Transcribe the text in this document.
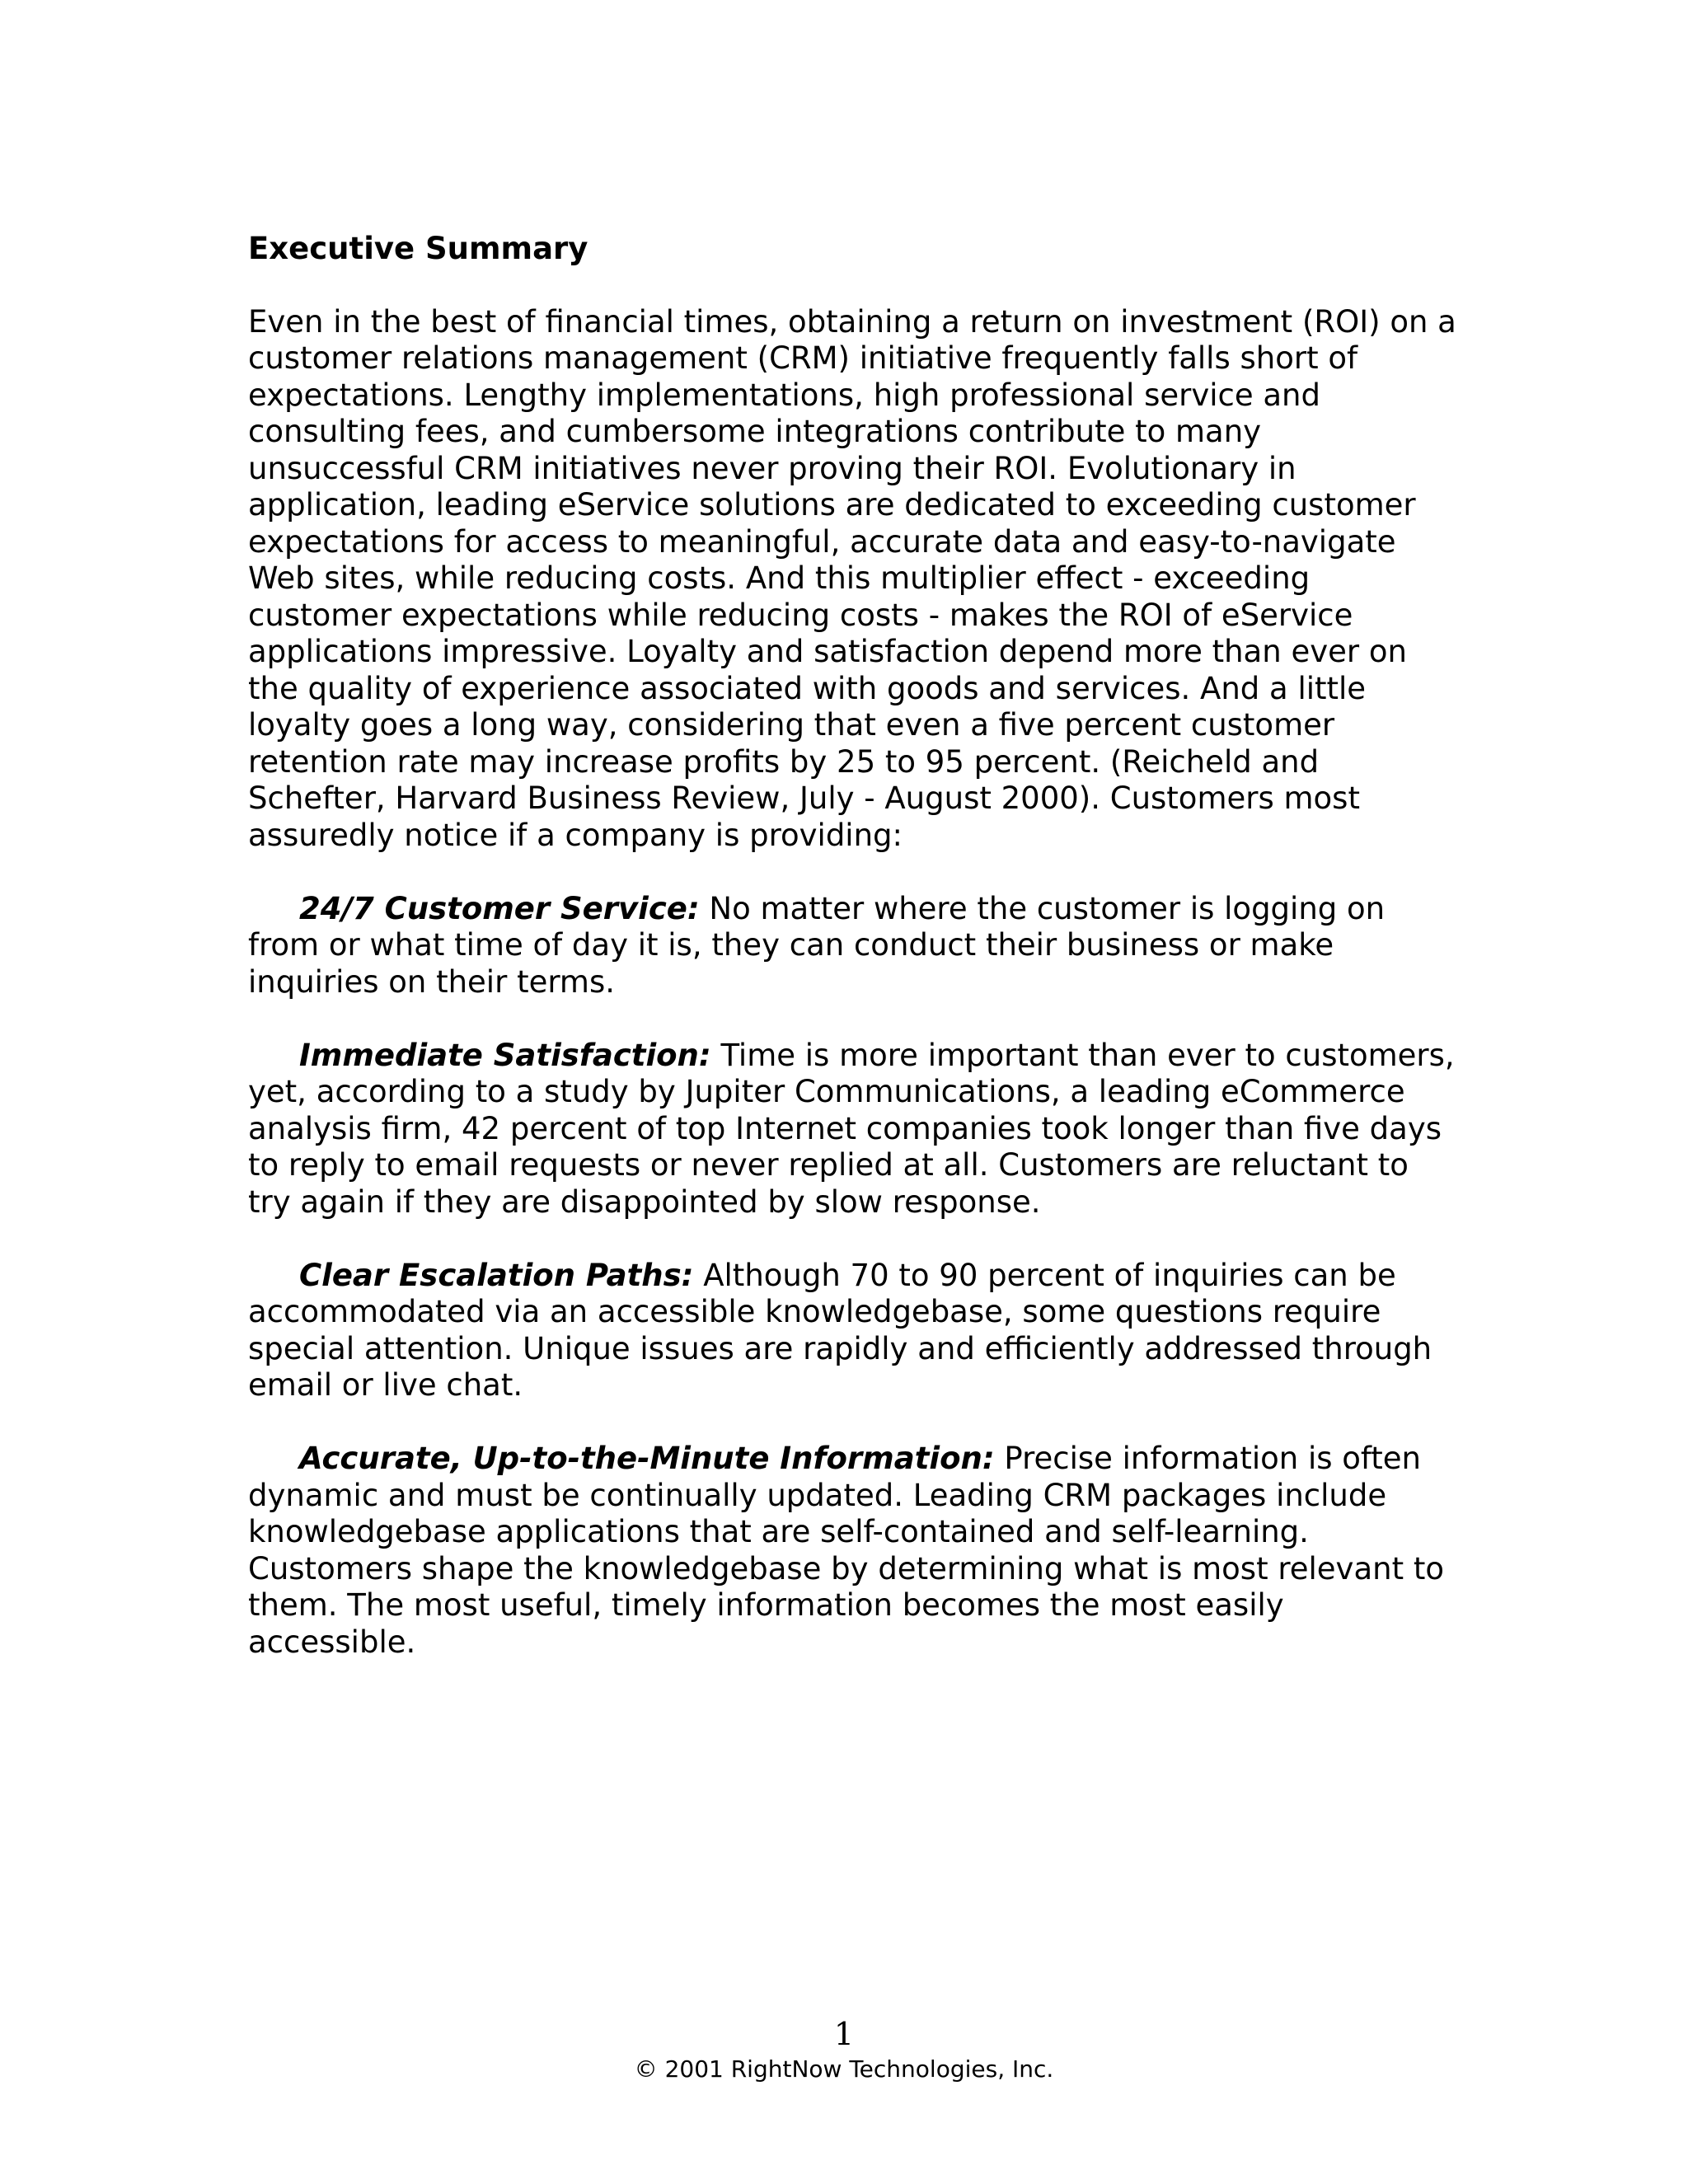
Executive Summary
Even in the best of financial times, obtaining a return on investment (ROI) on a customer relations management (CRM) initiative frequently falls short of expectations. Lengthy implementations, high professional service and consulting fees, and cumbersome integrations contribute to many unsuccessful CRM initiatives never proving their ROI. Evolutionary in application, leading eService solutions are dedicated to exceeding customer expectations for access to meaningful, accurate data and easy-to-navigate Web sites, while reducing costs. And this multiplier effect - exceeding customer expectations while reducing costs - makes the ROI of eService applications impressive. Loyalty and satisfaction depend more than ever on the quality of experience associated with goods and services. And a little loyalty goes a long way, considering that even a five percent customer retention rate may increase profits by 25 to 95 percent. (Reicheld and Schefter, Harvard Business Review, July - August 2000). Customers most assuredly notice if a company is providing:
24/7 Customer Service: No matter where the customer is logging on from or what time of day it is, they can conduct their business or make inquiries on their terms.
Immediate Satisfaction: Time is more important than ever to customers, yet, according to a study by Jupiter Communications, a leading eCommerce analysis firm, 42 percent of top Internet companies took longer than five days to reply to email requests or never replied at all. Customers are reluctant to try again if they are disappointed by slow response.
Clear Escalation Paths: Although 70 to 90 percent of inquiries can be accommodated via an accessible knowledgebase, some questions require special attention. Unique issues are rapidly and efficiently addressed through email or live chat.
Accurate, Up-to-the-Minute Information: Precise information is often dynamic and must be continually updated. Leading CRM packages include knowledgebase applications that are self-contained and self-learning. Customers shape the knowledgebase by determining what is most relevant to them. The most useful, timely information becomes the most easily accessible.
1
© 2001 RightNow Technologies, Inc.
